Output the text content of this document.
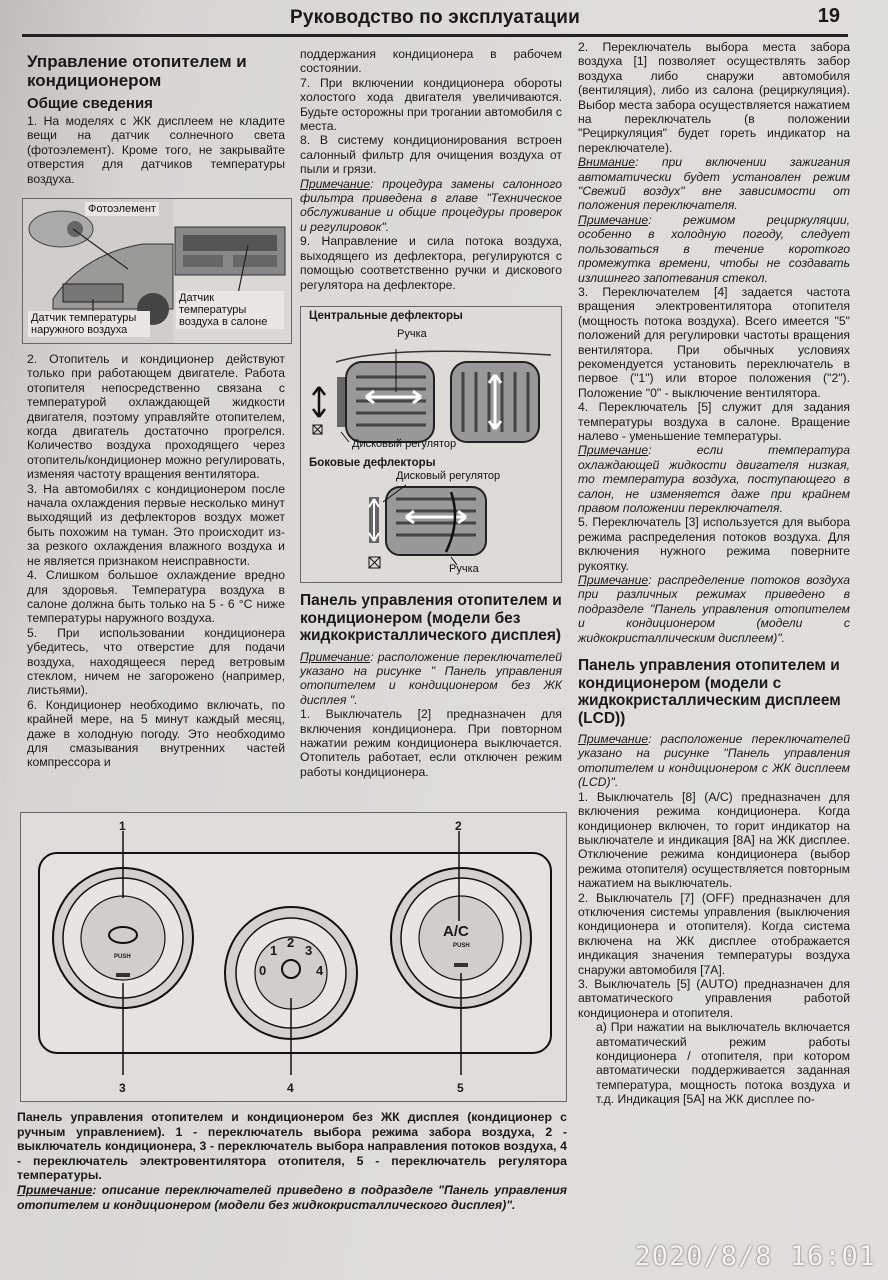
Руководство по эксплуатации	19
Управление отопителем и кондиционером
Общие сведения

1. На моделях с ЖК дисплеем не кладите вещи на датчик солнечного света (фотоэлемент). Кроме того, не закрывайте отверстия для датчиков температуры воздуха.

Фотоэлемент
Датчик температуры наружного воздуха
Датчик температуры воздуха в салоне

2. Отопитель и кондиционер действуют только при работающем двигателе. Работа отопителя непосредственно связана с температурой охлаждающей жидкости двигателя, поэтому управляйте отопителем, когда двигатель достаточно прогрелся. Количество воздуха проходящего через отопитель/кондиционер можно регулировать, изменяя частоту вращения вентилятора.

3. На автомобилях с кондиционером после начала охлаждения первые несколько минут выходящий из дефлекторов воздух может быть похожим на туман. Это происходит из-за резкого охлаждения влажного воздуха и не является признаком неисправности.

4. Слишком большое охлаждение вредно для здоровья. Температура воздуха в салоне должна быть только на 5 - 6 °С ниже температуры наружного воздуха.

5. При использовании кондиционера убедитесь, что отверстие для подачи воздуха, находящееся перед ветровым стеклом, ничем не загорожено (например, листьями).

6. Кондиционер необходимо включать, по крайней мере, на 5 минут каждый месяц, даже в холодную погоду. Это необходимо для смазывания внутренних частей компрессора и

поддержания кондиционера в рабочем состоянии.

7. При включении кондиционера обороты холостого хода двигателя увеличиваются. Будьте осторожны при трогании автомобиля с места.

8. В систему кондиционирования встроен салонный фильтр для очищения воздуха от пыли и грязи.

Примечание: процедура замены салонного фильтра приведена в главе "Техническое обслуживание и общие процедуры проверок и регулировок".

9. Направление и сила потока воздуха, выходящего из дефлектора, регулируются с помощью соответственно ручки и дискового регулятора на дефлекторе.

Центральные дефлекторы
Ручка
Дисковый регулятор
Боковые дефлекторы
Дисковый регулятор
Ручка
Панель управления отопителем и кондиционером (модели без жидкокристаллического дисплея)

Примечание: расположение переключателей указано на рисунке " Панель управления отопителем и кондиционером без ЖК дисплея ".

1. Выключатель [2] предназначен для включения кондиционера. При повторном нажатии режим кондиционера выключается. Отопитель работает, если отключен режим работы кондиционера.

2. Переключатель выбора места забора воздуха [1] позволяет осуществлять забор воздуха либо снаружи автомобиля (вентиляция), либо из салона (рециркуляция). Выбор места забора осуществляется нажатием на переключатель (в положении "Рециркуляция" будет гореть индикатор на переключателе).

Внимание: при включении зажигания автоматически будет установлен режим "Свежий воздух" вне зависимости от положения переключателя.

Примечание: режимом рециркуляции, особенно в холодную погоду, следует пользоваться в течение короткого промежутка времени, чтобы не создавать излишнего запотевания стекол.

3. Переключателем [4] задается частота вращения электровентилятора отопителя (мощность потока воздуха). Всего имеется "5" положений для регулировки частоты вращения вентилятора. При обычных условиях рекомендуется установить переключатель в первое ("1") или второе положения ("2"). Положение "0" - выключение вентилятора.

4. Переключатель [5] служит для задания температуры воздуха в салоне. Вращение налево - уменьшение температуры.

Примечание: если температура охлаждающей жидкости двигателя низкая, то температура воздуха, поступающего в салон, не изменяется даже при крайнем правом положении переключателя.

5. Переключатель [3] используется для выбора режима распределения потоков воздуха. Для включения нужного режима поверните рукоятку.

Примечание: распределение потоков воздуха при различных режимах приведено в подразделе "Панель управления отопителем и кондиционером (модели с жидкокристаллическим дисплеем)".

Панель управления отопителем и кондиционером (модели с жидкокристаллическим дисплеем (LCD))

Примечание: расположение переключателей указано на рисунке "Панель управления отопителем и кондиционером с ЖК дисплеем (LCD)".

1. Выключатель [8] (A/C) предназначен для включения режима кондиционера. Когда кондиционер включен, то горит индикатор на выключателе и индикация [8A] на ЖК дисплее. Отключение режима кондиционера (выбор режима отопителя) осуществляется повторным нажатием на выключатель.

2. Выключатель [7] (OFF) предназначен для отключения системы управления (выключения кондиционера и отопителя). Когда система включена на ЖК дисплее отображается индикация значения температуры воздуха снаружи автомобиля [7A].

3. Выключатель [5] (AUTO) предназначен для автоматического управления работой кондиционера и отопителя.

а) При нажатии на выключатель включается автоматический режим работы кондиционера / отопителя, при котором автоматически поддерживается заданная температура, мощность потока воздуха и т.д. Индикация [5A] на ЖК дисплее по-

1	2
3	4	5
PUSH
0
1
2
3
4
A/C
PUSH

Панель управления отопителем и кондиционером без ЖК дисплея (кондиционер с ручным управлением). 1 - переключатель выбора режима забора воздуха, 2 - выключатель кондиционера, 3 - переключатель выбора направления потоков воздуха, 4 - переключатель электровентилятора отопителя, 5 - переключатель регулятора температуры.

Примечание: описание переключателей приведено в подразделе "Панель управления отопителем и кондиционером (модели без жидкокристаллического дисплея)".

2020/8/8 16:01
